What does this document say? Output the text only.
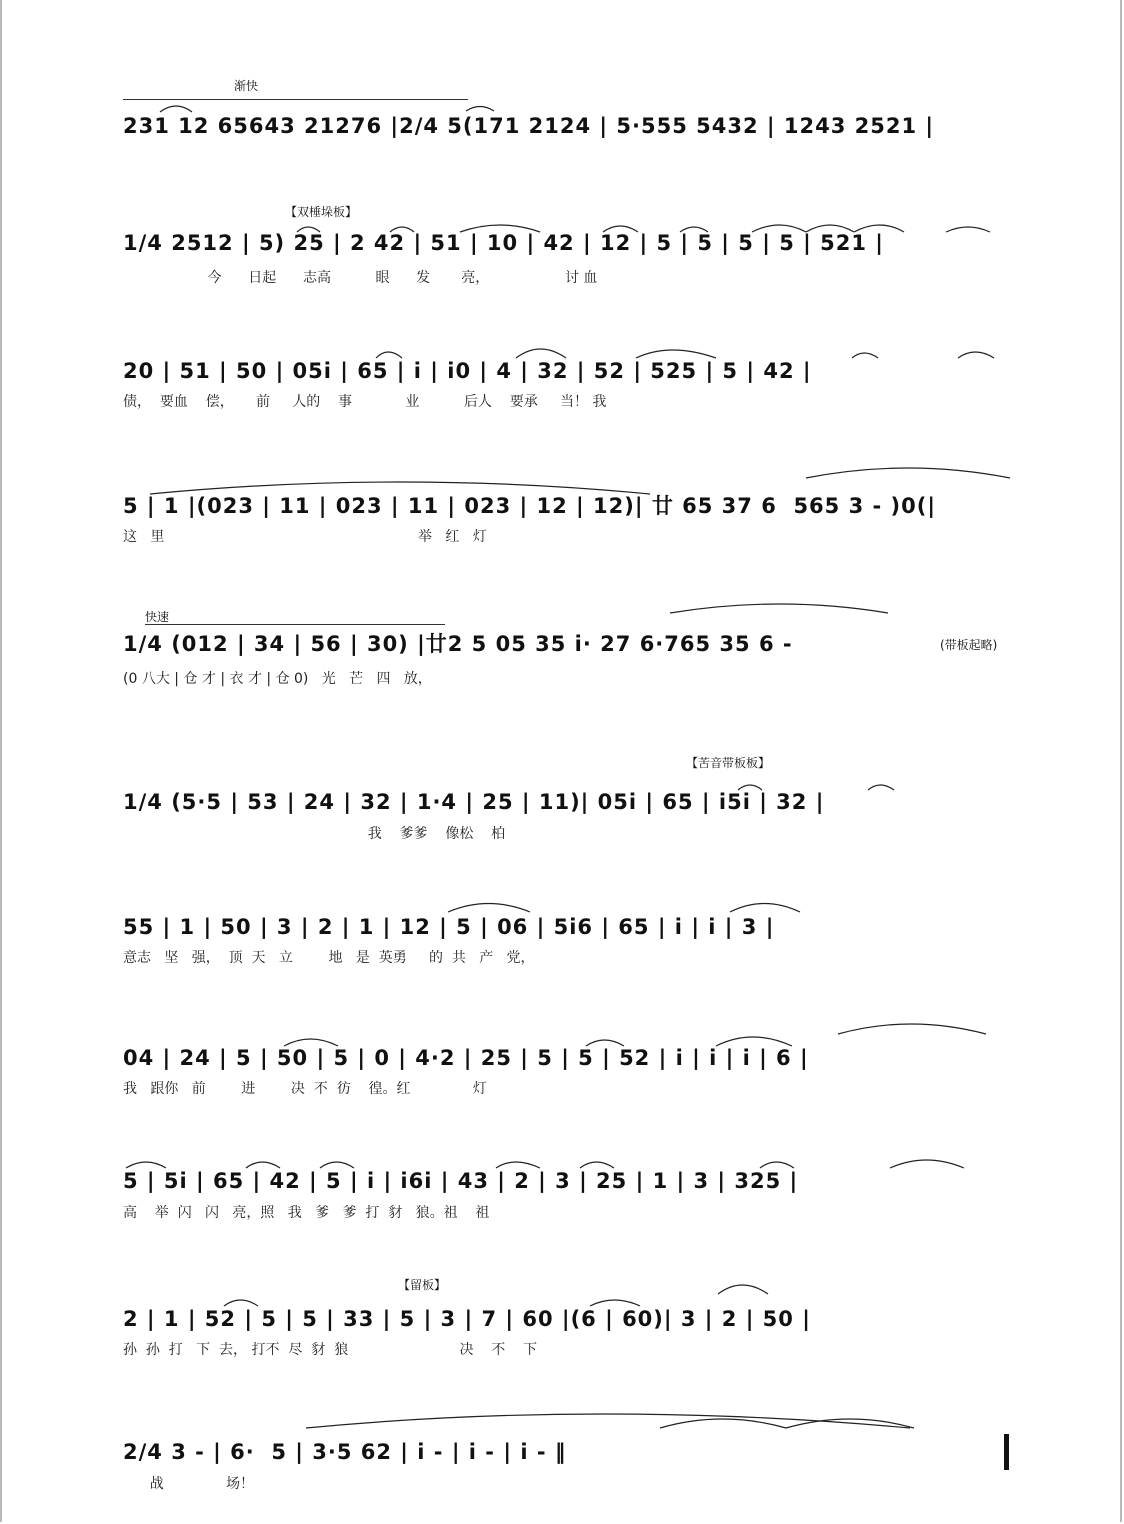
渐快
231 12 65643 21276 |2/4 5(171 2124 | 5·555 5432 | 1243 2521 |
【双棰垛板】
1/4 2512 | 5) 25 | 2 42 | 51 | 10 | 42 | 12 | 5 | 5 | 5 | 5 | 521 |
今      日起      志高          眼      发       亮，                 讨 血
20 | 51 | 50 | 05i | 65 | i | i0 | 4 | 32 | 52 | 525 | 5 | 42 |
债，  要血    偿，     前     人的    事            业          后人    要承     当！ 我
5 | 1 |(023 | 11 | 023 | 11 | 023 | 12 | 12)| 廿 65 37 6  565 3 - )0(|
这   里                                                         举   红   灯
快速
1/4 (012 | 34 | 56 | 30) |廿2 5 05 35 i· 27 6·765 35 6 -	(带板起略)
(0 八大 | 仓 才 | 衣 才 | 仓 0)   光   芒   四   放，
【苦音带板板】
1/4 (5·5 | 53 | 24 | 32 | 1·4 | 25 | 11)| 05i | 65 | i5i | 32 |
我    爹爹    像松    柏
55 | 1 | 50 | 3 | 2 | 1 | 12 | 5 | 06 | 5i6 | 65 | i | i | 3 |
意志   坚   强，  顶  天   立        地   是  英勇     的  共   产   党，
04 | 24 | 5 | 50 | 5 | 0 | 4·2 | 25 | 5 | 5 | 52 | i | i | i | 6 |
我   跟你   前        进        决  不  彷    徨。红              灯
5 | 5i | 65 | 42 | 5 | i | i6i | 43 | 2 | 3 | 25 | 1 | 3 | 325 |
高    举  闪   闪   亮，照   我   爹   爹  打  豺   狼。祖    祖
【留板】
2 | 1 | 52 | 5 | 5 | 33 | 5 | 3 | 7 | 60 |(6 | 60)| 3 | 2 | 50 |
孙  孙  打   下  去， 打不  尽  豺  狼                         决    不    下
2/4 3 - | 6·  5 | 3·5 62 | i - | i - | i - ‖
战              场！
